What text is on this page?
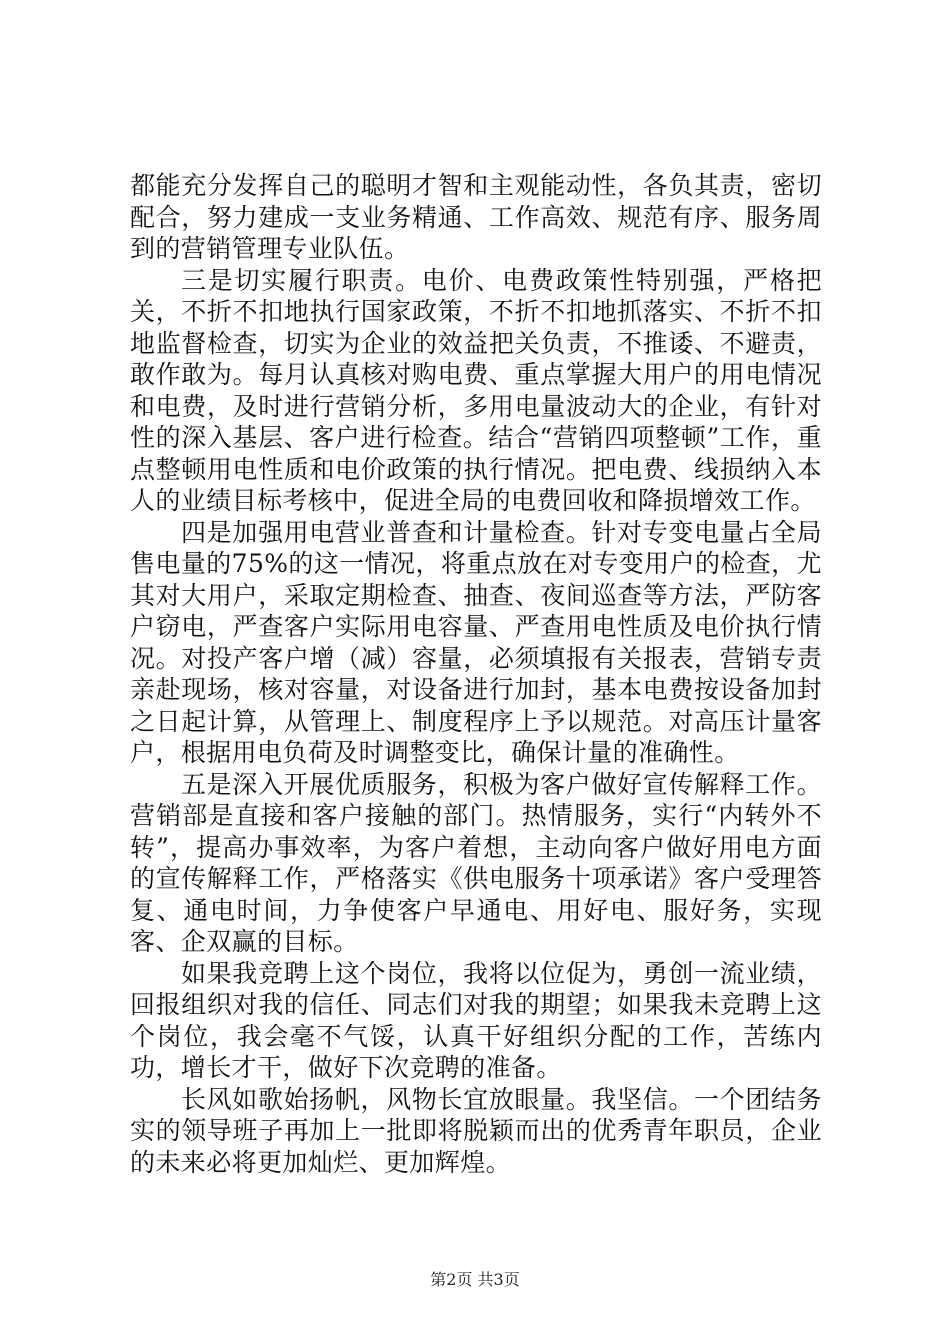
都能充分发挥自己的聪明才智和主观能动性，各负其责，密切配合，努力建成一支业务精通、工作高效、规范有序、服务周到的营销管理专业队伍。

三是切实履行职责。电价、电费政策性特别强，严格把关，不折不扣地执行国家政策，不折不扣地抓落实、不折不扣地监督检查，切实为企业的效益把关负责，不推诿、不避责，敢作敢为。每月认真核对购电费、重点掌握大用户的用电情况和电费，及时进行营销分析，多用电量波动大的企业，有针对性的深入基层、客户进行检查。结合“营销四项整顿”工作，重点整顿用电性质和电价政策的执行情况。把电费、线损纳入本人的业绩目标考核中，促进全局的电费回收和降损增效工作。

四是加强用电营业普查和计量检查。针对专变电量占全局售电量的75%的这一情况，将重点放在对专变用户的检查，尤其对大用户，采取定期检查、抽查、夜间巡查等方法，严防客户窃电，严查客户实际用电容量、严查用电性质及电价执行情况。对投产客户增（减）容量，必须填报有关报表，营销专责亲赴现场，核对容量，对设备进行加封，基本电费按设备加封之日起计算，从管理上、制度程序上予以规范。对高压计量客户，根据用电负荷及时调整变比，确保计量的准确性。

五是深入开展优质服务，积极为客户做好宣传解释工作。营销部是直接和客户接触的部门。热情服务，实行“内转外不转”，提高办事效率，为客户着想，主动向客户做好用电方面的宣传解释工作，严格落实《供电服务十项承诺》客户受理答复、通电时间，力争使客户早通电、用好电、服好务，实现客、企双赢的目标。

如果我竞聘上这个岗位，我将以位促为，勇创一流业绩，回报组织对我的信任、同志们对我的期望；如果我未竞聘上这个岗位，我会毫不气馁，认真干好组织分配的工作，苦练内功，增长才干，做好下次竞聘的准备。

长风如歌始扬帆，风物长宜放眼量。我坚信。一个团结务实的领导班子再加上一批即将脱颖而出的优秀青年职员，企业的未来必将更加灿烂、更加辉煌。

第2页 共3页
